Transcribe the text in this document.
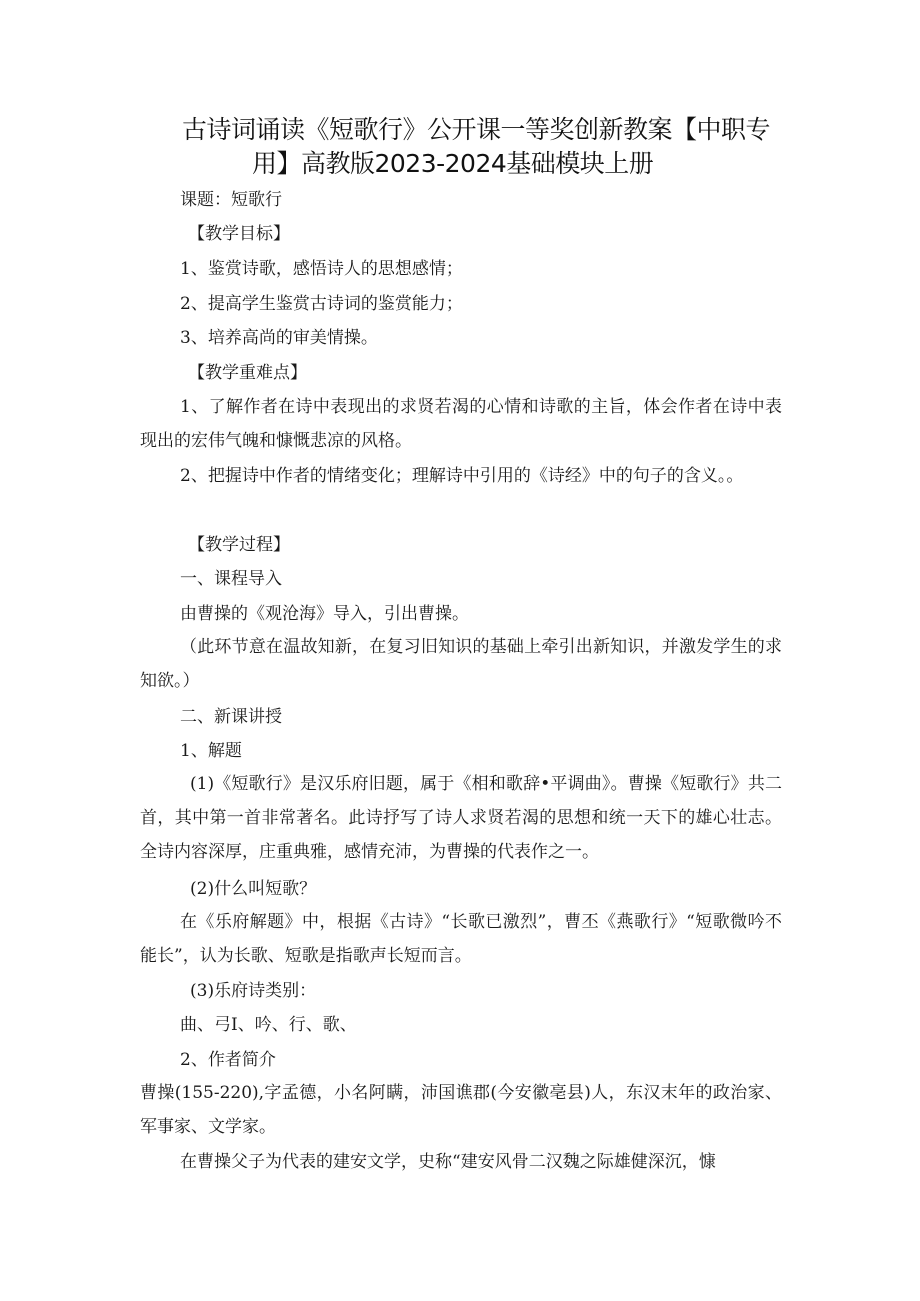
古诗词诵读《短歌行》公开课一等奖创新教案【中职专
用】高教版2023-2024基础模块上册
课题：短歌行
【教学目标】
1、鉴赏诗歌，感悟诗人的思想感情；
2、提高学生鉴赏古诗词的鉴赏能力；
3、培养高尚的审美情操。
【教学重难点】
1、了解作者在诗中表现出的求贤若渴的心情和诗歌的主旨，体会作者在诗中表现出的宏伟气魄和慷慨悲凉的风格。
2、把握诗中作者的情绪变化；理解诗中引用的《诗经》中的句子的含义。。
【教学过程】
一、课程导入
由曹操的《观沧海》导入，引出曹操。
（此环节意在温故知新，在复习旧知识的基础上牵引出新知识，并激发学生的求知欲。）
二、新课讲授
1、解题
(1)《短歌行》是汉乐府旧题，属于《相和歌辞•平调曲》。曹操《短歌行》共二首，其中第一首非常著名。此诗抒写了诗人求贤若渴的思想和统一天下的雄心壮志。全诗内容深厚，庄重典雅，感情充沛，为曹操的代表作之一。
(2)什么叫短歌？
在《乐府解题》中，根据《古诗》“长歌已激烈”，曹丕《燕歌行》“短歌微吟不能长”，认为长歌、短歌是指歌声长短而言。
(3)乐府诗类别：
曲、弓I、吟、行、歌、
2、作者简介
曹操(155-220),字孟德，小名阿瞒，沛国谯郡(今安徽亳县)人，东汉末年的政治家、军事家、文学家。
在曹操父子为代表的建安文学，史称“建安风骨二汉魏之际雄健深沉，慷
